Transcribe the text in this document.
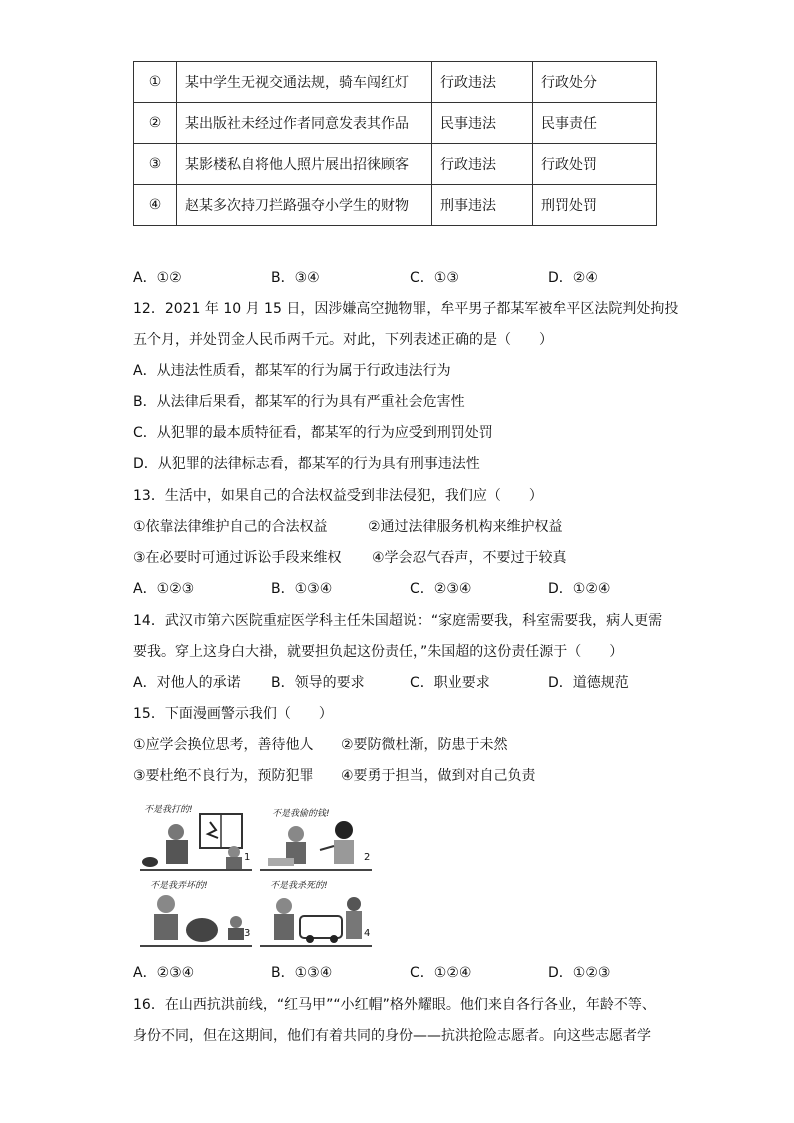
①	某中学生无视交通法规，骑车闯红灯	行政违法	行政处分
②	某出版社未经过作者同意发表其作品	民事违法	民事责任
③	某影楼私自将他人照片展出招徕顾客	行政违法	行政处罚
④	赵某多次持刀拦路强夺小学生的财物	刑事违法	刑罚处罚
A．①②	B．③④	C．①③	D．②④
12．2021 年 10 月 15 日，因涉嫌高空抛物罪，牟平男子都某军被牟平区法院判处拘投
五个月，并处罚金人民币两千元。对此，下列表述正确的是（　　）
A．从违法性质看，都某军的行为属于行政违法行为
B．从法律后果看，都某军的行为具有严重社会危害性
C．从犯罪的最本质特征看，都某军的行为应受到刑罚处罚
D．从犯罪的法律标志看，都某军的行为具有刑事违法性
13．生活中，如果自己的合法权益受到非法侵犯，我们应（　　）
①依靠法律维护自己的合法权益	②通过法律服务机构来维护权益
③在必要时可通过诉讼手段来维权 ④学会忍气吞声，不要过于较真
A．①②③	B．①③④	C．②③④	D．①②④
14．武汉市第六医院重症医学科主任朱国超说：“家庭需要我，科室需要我，病人更需
要我。穿上这身白大褂，就要担负起这份责任，”朱国超的这份责任源于（　　）
A．对他人的承诺 B．领导的要求	C．职业要求	D．道德规范
15．下面漫画警示我们（　　）
①应学会换位思考，善待他人 ②要防微杜渐，防患于未然
③要杜绝不良行为，预防犯罪 ④要勇于担当，做到对自己负责
不是我打的!
1
不是我偷的钱!
2
不是我弄坏的!
3
不是我杀死的!
4
A．②③④	B．①③④	C．①②④	D．①②③
16．在山西抗洪前线，“红马甲”“小红帽”格外耀眼。他们来自各行各业，年龄不等、
身份不同，但在这期间，他们有着共同的身份——抗洪抢险志愿者。向这些志愿者学
